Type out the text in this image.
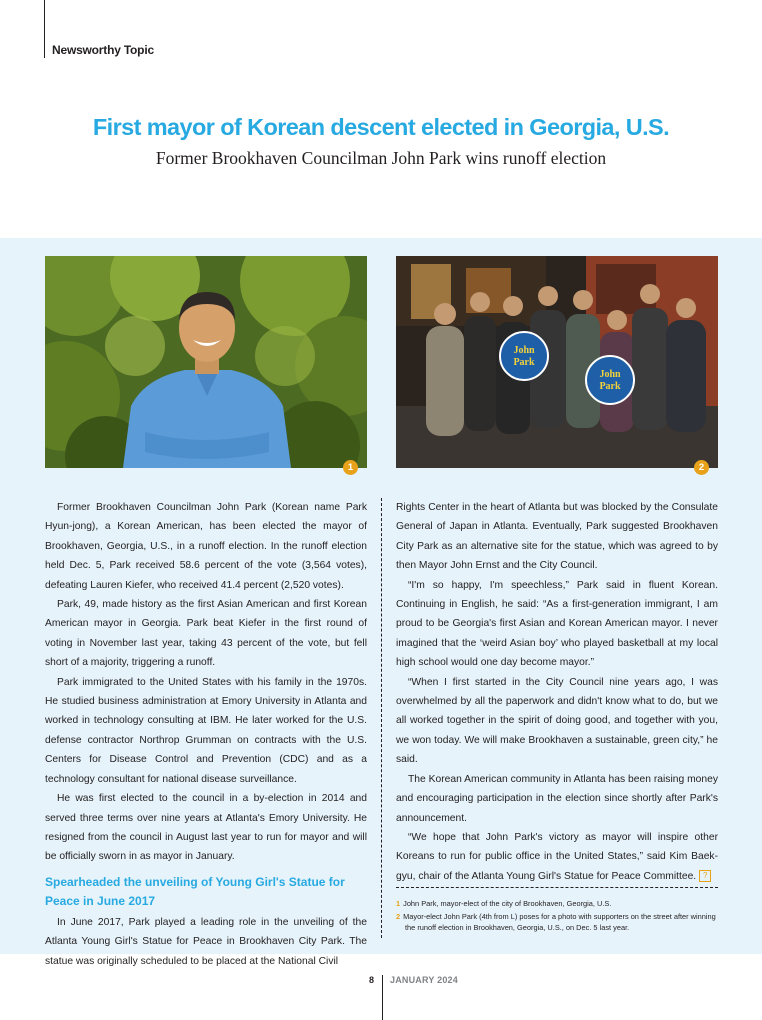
Newsworthy Topic
First mayor of Korean descent elected in Georgia, U.S.

Former Brookhaven Councilman John Park wins runoff election

1
John
Park
John
Park
2

Former Brookhaven Councilman John Park (Korean name Park Hyun-jong), a Korean American, has been elected the mayor of Brookhaven, Georgia, U.S., in a runoff election. In the runoff election held Dec. 5, Park received 58.6 percent of the vote (3,564 votes), defeating Lauren Kiefer, who received 41.4 percent (2,520 votes).

Park, 49, made history as the first Asian American and first Korean American mayor in Georgia. Park beat Kiefer in the first round of voting in November last year, taking 43 percent of the vote, but fell short of a majority, triggering a runoff.

Park immigrated to the United States with his family in the 1970s. He studied business administration at Emory University in Atlanta and worked in technology consulting at IBM. He later worked for the U.S. defense contractor Northrop Grumman on contracts with the U.S. Centers for Disease Control and Prevention (CDC) and as a technology consultant for national disease surveillance.

He was first elected to the council in a by-election in 2014 and served three terms over nine years at Atlanta's Emory University. He resigned from the council in August last year to run for mayor and will be officially sworn in as mayor in January.

Spearheaded the unveiling of Young Girl's Statue for Peace in June 2017

In June 2017, Park played a leading role in the unveiling of the Atlanta Young Girl's Statue for Peace in Brookhaven City Park. The statue was originally scheduled to be placed at the National Civil

Rights Center in the heart of Atlanta but was blocked by the Consulate General of Japan in Atlanta. Eventually, Park suggested Brookhaven City Park as an alternative site for the statue, which was agreed to by then Mayor John Ernst and the City Council.

“I'm so happy, I'm speechless,” Park said in fluent Korean. Continuing in English, he said: “As a first-generation immigrant, I am proud to be Georgia's first Asian and Korean American mayor. I never imagined that the ‘weird Asian boy’ who played basketball at my local high school would one day become mayor.”

“When I first started in the City Council nine years ago, I was overwhelmed by all the paperwork and didn't know what to do, but we all worked together in the spirit of doing good, and together with you, we won today. We will make Brookhaven a sustainable, green city,” he said.

The Korean American community in Atlanta has been raising money and encouraging participation in the election since shortly after Park's announcement.

“We hope that John Park's victory as mayor will inspire other Koreans to run for public office in the United States,” said Kim Baek-gyu, chair of the Atlanta Young Girl's Statue for Peace Committee. ?

1 John Park, mayor-elect of the city of Brookhaven, Georgia, U.S.

2 Mayor-elect John Park (4th from L) poses for a photo with supporters on the street after winning the runoff election in Brookhaven, Georgia, U.S., on Dec. 5 last year.

8 JANUARY 2024
